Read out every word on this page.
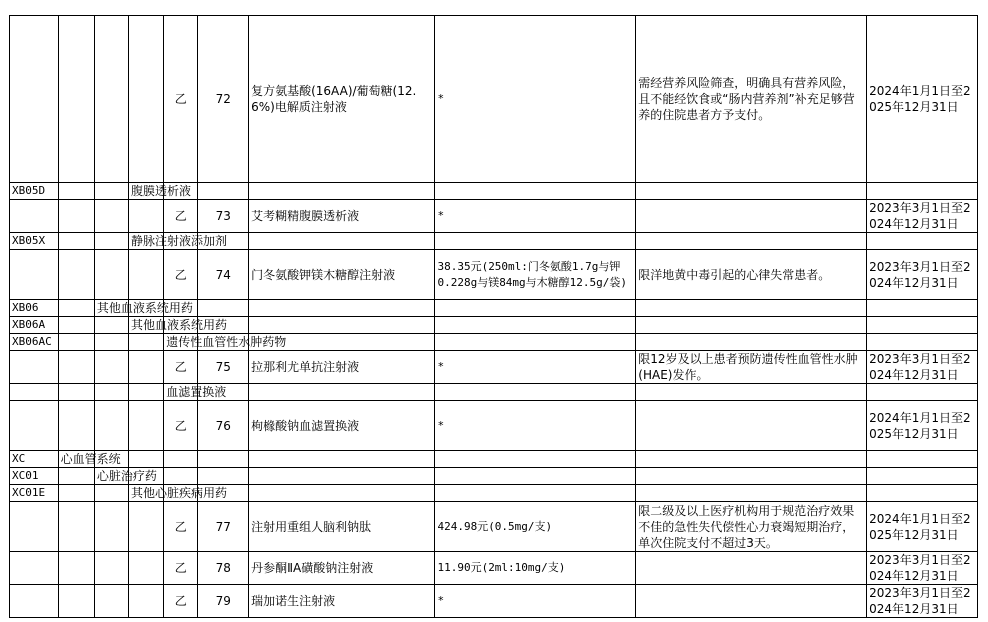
				乙	72	复方氨基酸(16AA)/葡萄糖(12.6%)电解质注射液	*	需经营养风险筛查，明确具有营养风险，且不能经饮食或“肠内营养剂”补充足够营养的住院患者方予支付。	2024年1月1日至2025年12月31日
XB05D			腹膜透析液						
				乙	73	艾考糊精腹膜透析液	*		2023年3月1日至2024年12月31日
XB05X			静脉注射液添加剂						
				乙	74	门冬氨酸钾镁木糖醇注射液	38.35元(250ml:门冬氨酸1.7g与钾0.228g与镁84mg与木糖醇12.5g/袋)	限洋地黄中毒引起的心律失常患者。	2023年3月1日至2024年12月31日
XB06		其他血液系统用药							
XB06A			其他血液系统用药						
XB06AC				遗传性血管性水肿药物					
				乙	75	拉那利尤单抗注射液	*	限12岁及以上患者预防遗传性血管性水肿(HAE)发作。	2023年3月1日至2024年12月31日
				血滤置换液					
				乙	76	枸橼酸钠血滤置换液	*		2024年1月1日至2025年12月31日
XC	心血管系统								
XC01		心脏治疗药							
XC01E			其他心脏疾病用药						
				乙	77	注射用重组人脑利钠肽	424.98元(0.5mg/支)	限二级及以上医疗机构用于规范治疗效果不佳的急性失代偿性心力衰竭短期治疗，单次住院支付不超过3天。	2024年1月1日至2025年12月31日
				乙	78	丹参酮ⅡA磺酸钠注射液	11.90元(2ml:10mg/支)		2023年3月1日至2024年12月31日
				乙	79	瑞加诺生注射液	*		2023年3月1日至2024年12月31日
